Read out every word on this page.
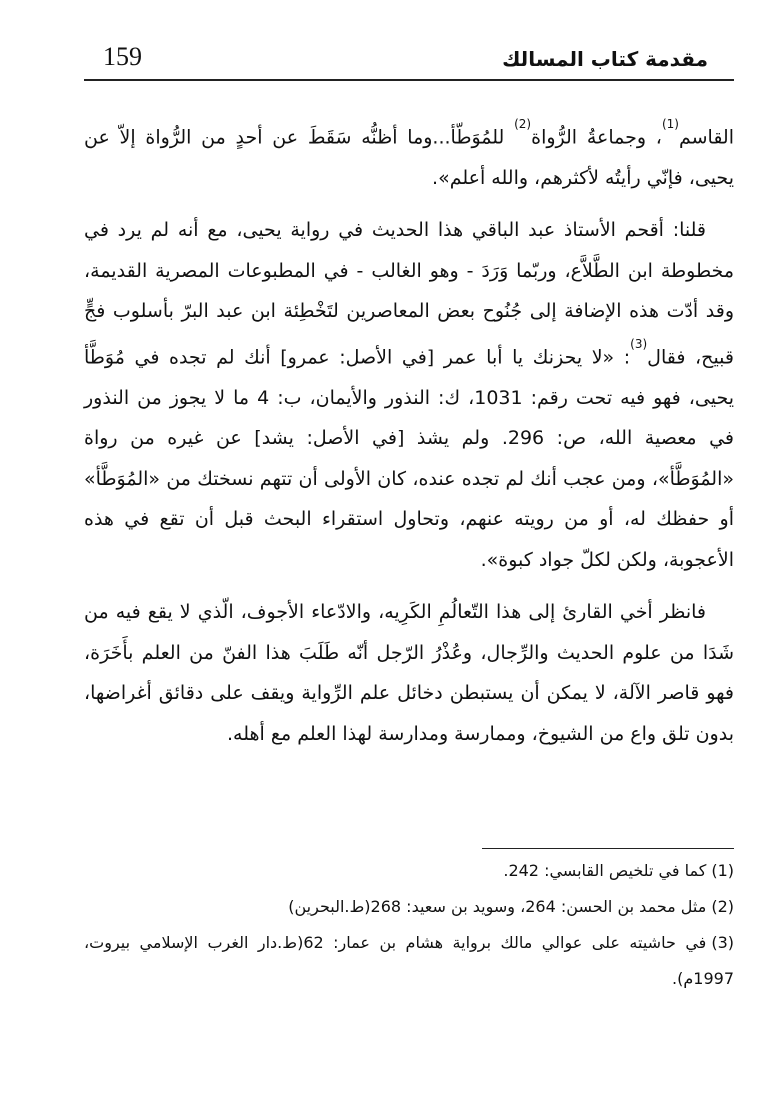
159	مقدمة كتاب المسالك

القاسم$^{(1)}$، وجماعةُ الرُّواة$^{(2)}$ للمُوَطّأ...وما أظنُّه سَقَطَ عن أحدٍ من الرُّواة إلاّ عن يحيى، فإنّي رأيتُه لأكثرهم، والله أعلم».

قلنا: أقحم الأستاذ عبد الباقي هذا الحديث في رواية يحيى، مع أنه لم يرد في مخطوطة ابن الطَّلاَّع، وربّما وَرَدَ - وهو الغالب - في المطبوعات المصرية القديمة، وقد أدّت هذه الإضافة إلى جُنُوح بعض المعاصرين لتَخْطِئة ابن عبد البرّ بأسلوب فجٍّ قبيح، فقال$^{(3)}$: «لا يحزنك يا أبا عمر [في الأصل: عمرو] أنك لم تجده في مُوَطَّأ يحيى، فهو فيه تحت رقم: 1031، ك: النذور والأيمان، ب: 4 ما لا يجوز من النذور في معصية الله، ص: 296. ولم يشذ [في الأصل: يشد] عن غيره من رواة «المُوَطَّأ»، ومن عجب أنك لم تجده عنده، كان الأولى أن تتهم نسختك من «المُوَطَّأ» أو حفظك له، أو من رويته عنهم، وتحاول استقراء البحث قبل أن تقع في هذه الأعجوبة، ولكن لكلّ جواد كبوة».

فانظر أخي القارئ إلى هذا التّعالُمِ الكَرِيه، والادّعاء الأجوف، الّذي لا يقع فيه من شَدَا من علوم الحديث والرِّجال، وعُذْرُ الرّجل أنّه طَلَبَ هذا الفنّ من العلم بأَخَرَة، فهو قاصر الآلة، لا يمكن أن يستبطن دخائل علم الرِّواية ويقف على دقائق أغراضها، بدون تلق واع من الشيوخ، وممارسة ومدارسة لهذا العلم مع أهله.

(1)كما في تلخيص القابسي: 242.

(2)مثل محمد بن الحسن: 264، وسويد بن سعيد: 268(ط.البحرين)

(3)في حاشيته على عوالي مالك برواية هشام بن عمار: 62(ط.دار الغرب الإسلامي بيروت، 1997م).
